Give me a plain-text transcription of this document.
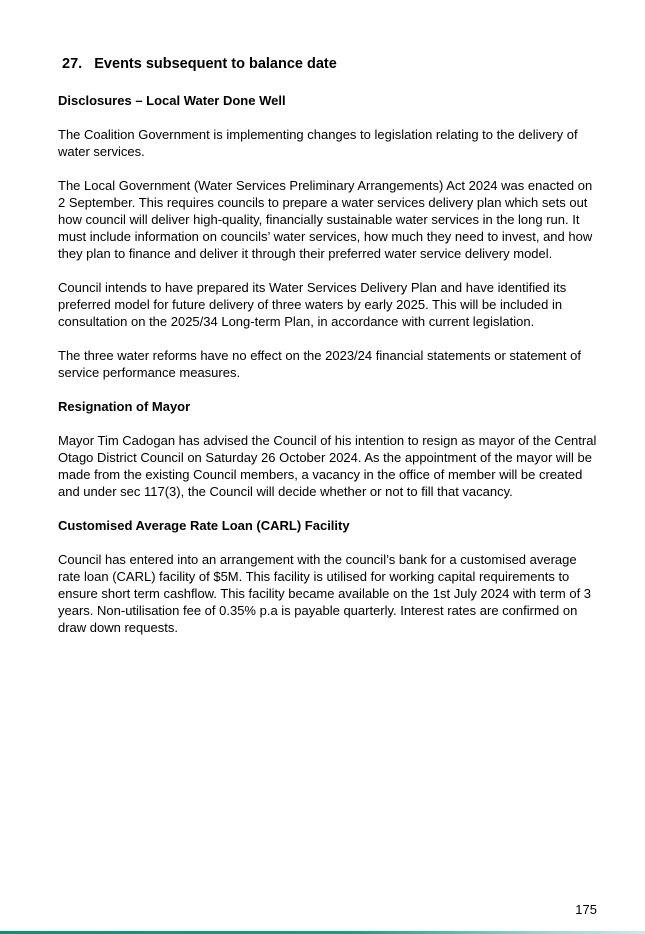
27. Events subsequent to balance date
Disclosures – Local Water Done Well

The Coalition Government is implementing changes to legislation relating to the delivery of water services.

The Local Government (Water Services Preliminary Arrangements) Act 2024 was enacted on 2 September. This requires councils to prepare a water services delivery plan which sets out how council will deliver high-quality, financially sustainable water services in the long run. It must include information on councils’ water services, how much they need to invest, and how they plan to finance and deliver it through their preferred water service delivery model.

Council intends to have prepared its Water Services Delivery Plan and have identified its preferred model for future delivery of three waters by early 2025. This will be included in consultation on the 2025/34 Long-term Plan, in accordance with current legislation.

The three water reforms have no effect on the 2023/24 financial statements or statement of service performance measures.

Resignation of Mayor

Mayor Tim Cadogan has advised the Council of his intention to resign as mayor of the Central Otago District Council on Saturday 26 October 2024. As the appointment of the mayor will be made from the existing Council members, a vacancy in the office of member will be created and under sec 117(3), the Council will decide whether or not to fill that vacancy.

Customised Average Rate Loan (CARL) Facility

Council has entered into an arrangement with the council’s bank for a customised average rate loan (CARL) facility of $5M. This facility is utilised for working capital requirements to ensure short term cashflow. This facility became available on the 1st July 2024 with term of 3 years. Non-utilisation fee of 0.35% p.a is payable quarterly. Interest rates are confirmed on draw down requests.

175
